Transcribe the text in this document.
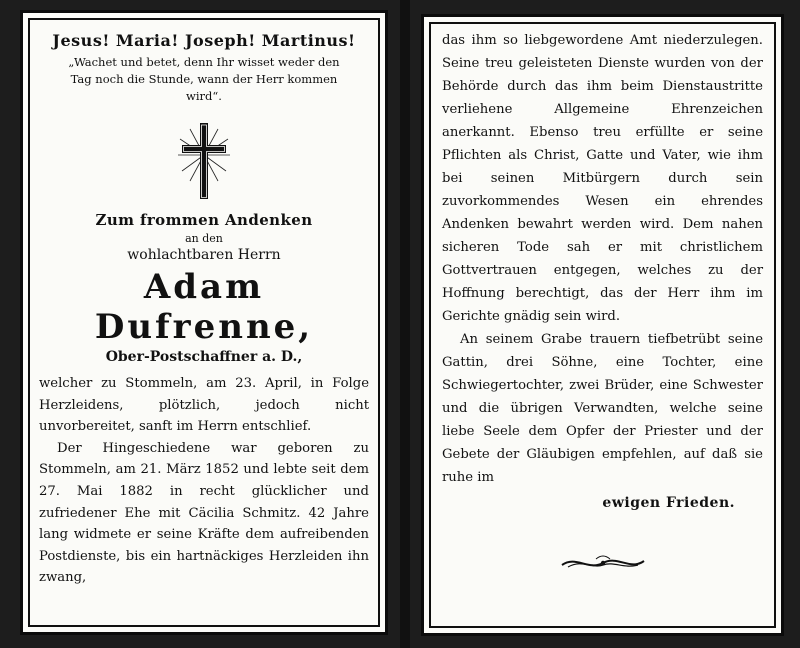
Jesus! Maria! Joseph! Martinus!
„Wachet und betet, denn Ihr wisset weder den Tag noch die Stunde, wann der Herr kommen wird“.
Zum frommen Andenken
an den
wohlachtbaren Herrn
Adam Dufrenne,
Ober-Postschaffner a. D.,

welcher zu Stommeln, am 23. April, in Folge Herzleidens, plötzlich, jedoch nicht unvorbereitet, sanft im Herrn entschlief.

Der Hingeschiedene war geboren zu Stommeln, am 21. März 1852 und lebte seit dem 27. Mai 1882 in recht glücklicher und zufriedener Ehe mit Cäcilia Schmitz. 42 Jahre lang widmete er seine Kräfte dem aufreibenden Postdienste, bis ein hartnäckiges Herzleiden ihn zwang,

das ihm so liebgewordene Amt niederzulegen. Seine treu geleisteten Dienste wurden von der Behörde durch das ihm beim Dienstaustritte verliehene Allgemeine Ehrenzeichen anerkannt. Ebenso treu erfüllte er seine Pflichten als Christ, Gatte und Vater, wie ihm bei seinen Mitbürgern durch sein zuvorkommendes Wesen ein ehrendes Andenken bewahrt werden wird. Dem nahen sicheren Tode sah er mit christlichem Gottvertrauen entgegen, welches zu der Hoffnung berechtigt, das der Herr ihm im Gerichte gnädig sein wird.

An seinem Grabe trauern tiefbetrübt seine Gattin, drei Söhne, eine Tochter, eine Schwiegertochter, zwei Brüder, eine Schwester und die übrigen Verwandten, welche seine liebe Seele dem Opfer der Priester und der Gebete der Gläubigen empfehlen, auf daß sie ruhe im

ewigen Frieden.
